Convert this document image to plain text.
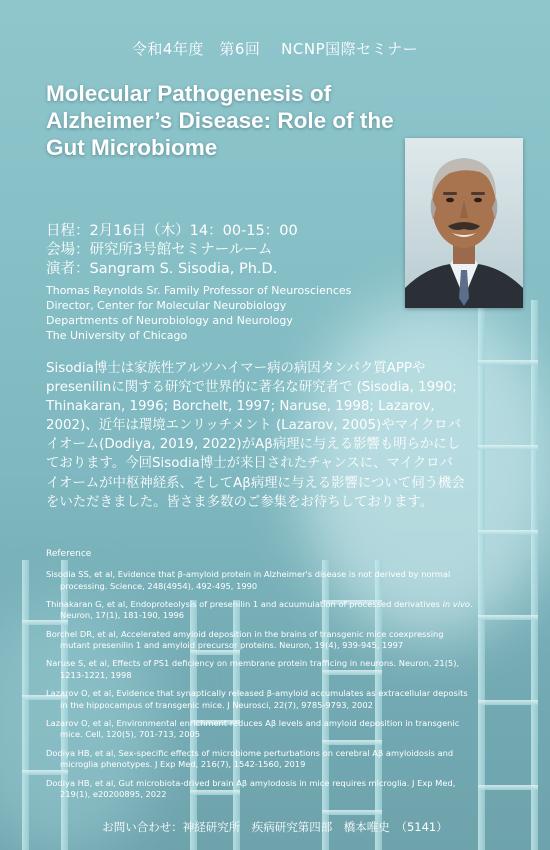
令和4年度　第6回　 NCNP国際セミナー
Molecular Pathogenesis of
Alzheimer’s Disease: Role of the
Gut Microbiome
日程：2月16日（木）14：00-15：00
会場：研究所3号館セミナールーム
演者：Sangram S. Sisodia, Ph.D.
Thomas Reynolds Sr. Family Professor of Neurosciences
Director, Center for Molecular Neurobiology
Departments of Neurobiology and Neurology
The University of Chicago
Sisodia博士は家族性アルツハイマー病の病因タンパク質APPやpresenilinに関する研究で世界的に著名な研究者で (Sisodia, 1990; Thinakaran, 1996; Borchelt, 1997; Naruse, 1998; Lazarov, 2002)、近年は環境エンリッチメント (Lazarov, 2005)やマイクロバイオーム(Dodiya, 2019, 2022)がAβ病理に与える影響も明らかにしております。今回Sisodia博士が来日されたチャンスに、マイクロバイオームが中枢神経系、そしてAβ病理に与える影響について伺う機会をいただきました。皆さま多数のご参集をお待ちしております。
Reference
Sisodia SS, et al, Evidence that β-amyloid protein in Alzheimer's disease is not derived by normal processing. Science, 248(4954), 492-495, 1990
Thinakaran G, et al, Endoproteolysis of presenilin 1 and acuumulation of processed derivatives in vivo. Neuron, 17(1), 181-190, 1996
Borchel DR, et al, Accelerated amyloid deposition in the brains of transgenic mice coexpressing mutant presenilin 1 and amyloid precursor proteins. Neuron, 19(4), 939-945, 1997
Naruse S, et al, Effects of PS1 deficiency on membrane protein trafficing in neurons. Neuron, 21(5), 1213-1221, 1998
Lazarov O, et al, Evidence that synaptically released β-amyloid accumulates as extracellular deposits in the hippocampus of transgenic mice. J Neurosci, 22(7), 9785-9793, 2002
Lazarov O, et al, Environmental enrichment reduces Aβ levels and amyloid deposition in transgenic mice. Cell, 120(5), 701-713, 2005
Dodiya HB, et al, Sex-specific effects of microbiome perturbations on cerebral Aβ amyloidosis and microglia phenotypes. J Exp Med, 216(7), 1542-1560, 2019
Dodiya HB, et al, Gut microbiota-drived brain Aβ amylodosis in mice requires microglia. J Exp Med, 219(1), e20200895, 2022
お問い合わせ：神経研究所　疾病研究第四部　橋本唯史　（5141）
